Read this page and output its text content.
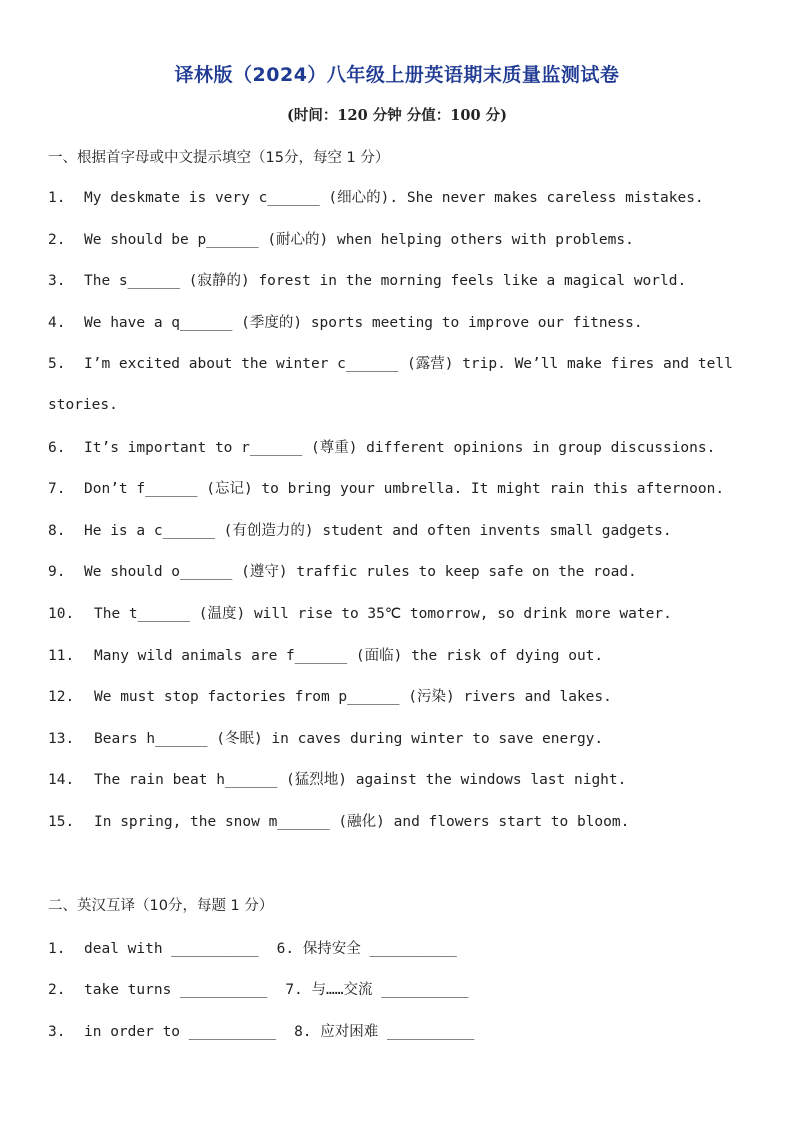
译林版（2024）八年级上册英语期末质量监测试卷
(时间：120 分钟 分值：100 分)
一、根据首字母或中文提示填空（15分，每空 1 分）
1. My deskmate is very c______ (细心的). She never makes careless mistakes.
2. We should be p______ (耐心的) when helping others with problems.
3. The s______ (寂静的) forest in the morning feels like a magical world.
4. We have a q______ (季度的) sports meeting to improve our fitness.
5. I’m excited about the winter c______ (露营) trip. We’ll make fires and tell
stories.
6. It’s important to r______ (尊重) different opinions in group discussions.
7. Don’t f______ (忘记) to bring your umbrella. It might rain this afternoon.
8. He is a c______ (有创造力的) student and often invents small gadgets.
9. We should o______ (遵守) traffic rules to keep safe on the road.
10. The t______ (温度) will rise to 35℃ tomorrow, so drink more water.
11. Many wild animals are f______ (面临) the risk of dying out.
12. We must stop factories from p______ (污染) rivers and lakes.
13. Bears h______ (冬眠) in caves during winter to save energy.
14. The rain beat h______ (猛烈地) against the windows last night.
15. In spring, the snow m______ (融化) and flowers start to bloom.
二、英汉互译（10分，每题 1 分）
1. deal with __________ 6. 保持安全 __________
2. take turns __________ 7. 与……交流 __________
3. in order to __________ 8. 应对困难 __________
